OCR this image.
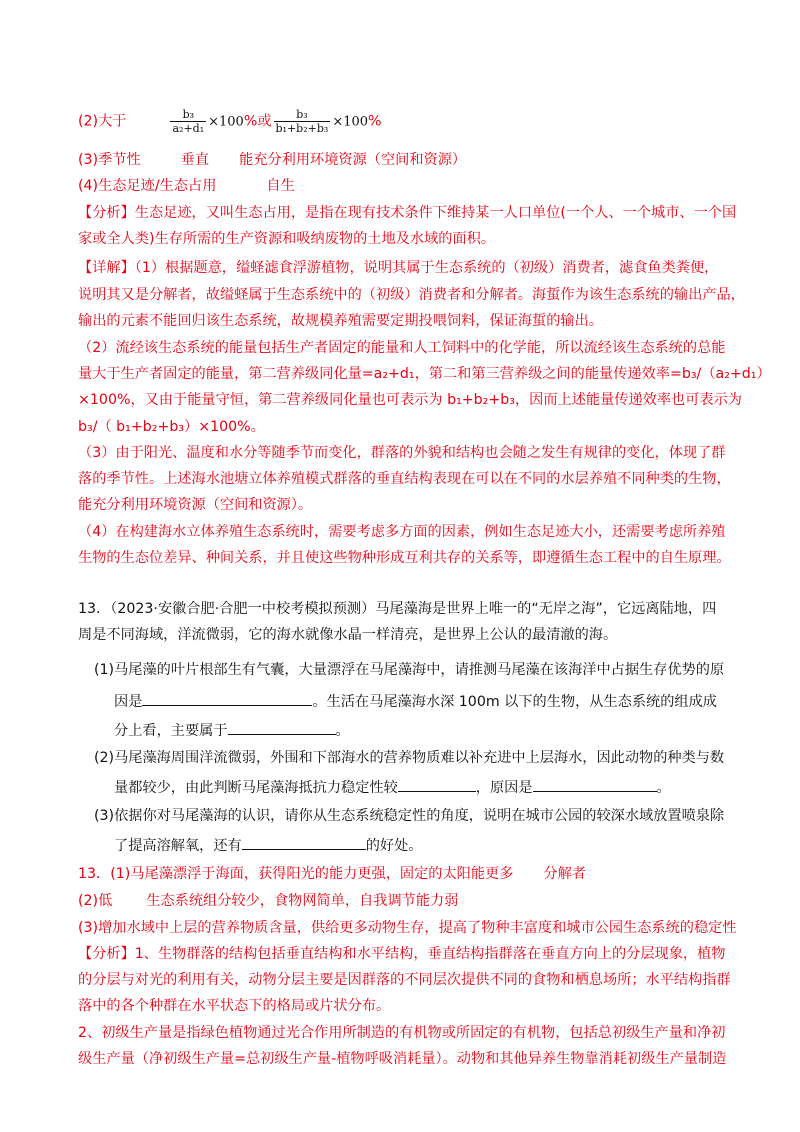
(2)大于	$\frac{\text{b₃}}{\text{a₂+d₁}} \times 100\%$或 $\frac{\text{b₃}}{\text{b₁+b₂+b₃}} \times 100\%$
(3)季节性	垂直 能充分利用环境资源（空间和资源）
(4)生态足迹/生态占用	自生
【分析】生态足迹，又叫生态占用，是指在现有技术条件下维持某一人口单位(一个人、一个城市、一个国
家或全人类)生存所需的生产资源和吸纳废物的土地及水域的面积。
【详解】（1）根据题意，缢蛏滤食浮游植物，说明其属于生态系统的（初级）消费者，滤食鱼类粪便，
说明其又是分解者，故缢蛏属于生态系统中的（初级）消费者和分解者。海蜇作为该生态系统的输出产品，
输出的元素不能回归该生态系统，故规模养殖需要定期投喂饲料，保证海蜇的输出。
（2）流经该生态系统的能量包括生产者固定的能量和人工饲料中的化学能，所以流经该生态系统的总能
量大于生产者固定的能量，第二营养级同化量=a₂+d₁，第二和第三营养级之间的能量传递效率=b₃/（a₂+d₁）
×100%，又由于能量守恒，第二营养级同化量也可表示为 b₁+b₂+b₃，因而上述能量传递效率也可表示为
b₃/（ b₁+b₂+b₃）×100%。
（3）由于阳光、温度和水分等随季节而变化，群落的外貌和结构也会随之发生有规律的变化，体现了群
落的季节性。上述海水池塘立体养殖模式群落的垂直结构表现在可以在不同的水层养殖不同种类的生物，
能充分利用环境资源（空间和资源）。
（4）在构建海水立体养殖生态系统时，需要考虑多方面的因素，例如生态足迹大小，还需要考虑所养殖
生物的生态位差异、种间关系，并且使这些物种形成互利共存的关系等，即遵循生态工程中的自生原理。
13．（2023·安徽合肥·合肥一中校考模拟预测）马尾藻海是世界上唯一的“无岸之海”，它远离陆地，四
周是不同海域，洋流微弱，它的海水就像水晶一样清亮，是世界上公认的最清澈的海。
(1)马尾藻的叶片根部生有气囊，大量漂浮在马尾藻海中，请推测马尾藻在该海洋中占据生存优势的原
因是	。生活在马尾藻海水深 100m 以下的生物，从生态系统的组成成
分上看，主要属于	。
(2)马尾藻海周围洋流微弱，外围和下部海水的营养物质难以补充进中上层海水，因此动物的种类与数
量都较少，由此判断马尾藻海抵抗力稳定性较	，原因是	。
(3)依据你对马尾藻海的认识，请你从生态系统稳定性的角度，说明在城市公园的较深水域放置喷泉除
了提高溶解氧，还有	的好处。
13．(1)马尾藻漂浮于海面，获得阳光的能力更强，固定的太阳能更多 分解者
(2)低 生态系统组分较少，食物网简单，自我调节能力弱
(3)增加水域中上层的营养物质含量，供给更多动物生存，提高了物种丰富度和城市公园生态系统的稳定性
【分析】1、生物群落的结构包括垂直结构和水平结构，垂直结构指群落在垂直方向上的分层现象，植物
的分层与对光的利用有关，动物分层主要是因群落的不同层次提供不同的食物和栖息场所；水平结构指群
落中的各个种群在水平状态下的格局或片状分布。
2、初级生产量是指绿色植物通过光合作用所制造的有机物或所固定的有机物，包括总初级生产量和净初
级生产量（净初级生产量=总初级生产量-植物呼吸消耗量）。动物和其他异养生物靠消耗初级生产量制造
